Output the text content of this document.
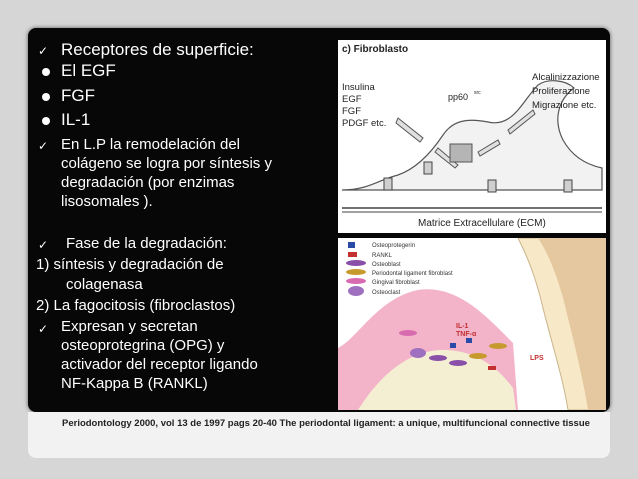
✓ Receptores de superficie:
El EGF
FGF
IL-1
✓ En L.P la remodelación del
colágeno se logra por síntesis y
degradación (por enzimas
lisosomales ).
✓ Fase de la degradación:
1) síntesis y degradación de
colagenasa
2) La fagocitosis (fibroclastos)
✓ Expresan y secretan
osteoprotegrina (OPG) y
activador del receptor ligando
NF-Kappa B (RANKL)
c) Fibroblasto
Insulina
EGF
FGF
PDGF etc.
Alcalinizzazione
Proliferazione
Migrazione etc.
pp60 src
Matrice Extracellulare (ECM)
Osteoprotegerin
RANKL
Osteoblast
Periodontal ligament fibroblast
Gingival fibroblast
Osteoclast
IL-1
TNF-α
LPS
Periodontology 2000, vol 13 de 1997 pags 20-40 The periodontal ligament: a unique, multifuncional connective tissue
